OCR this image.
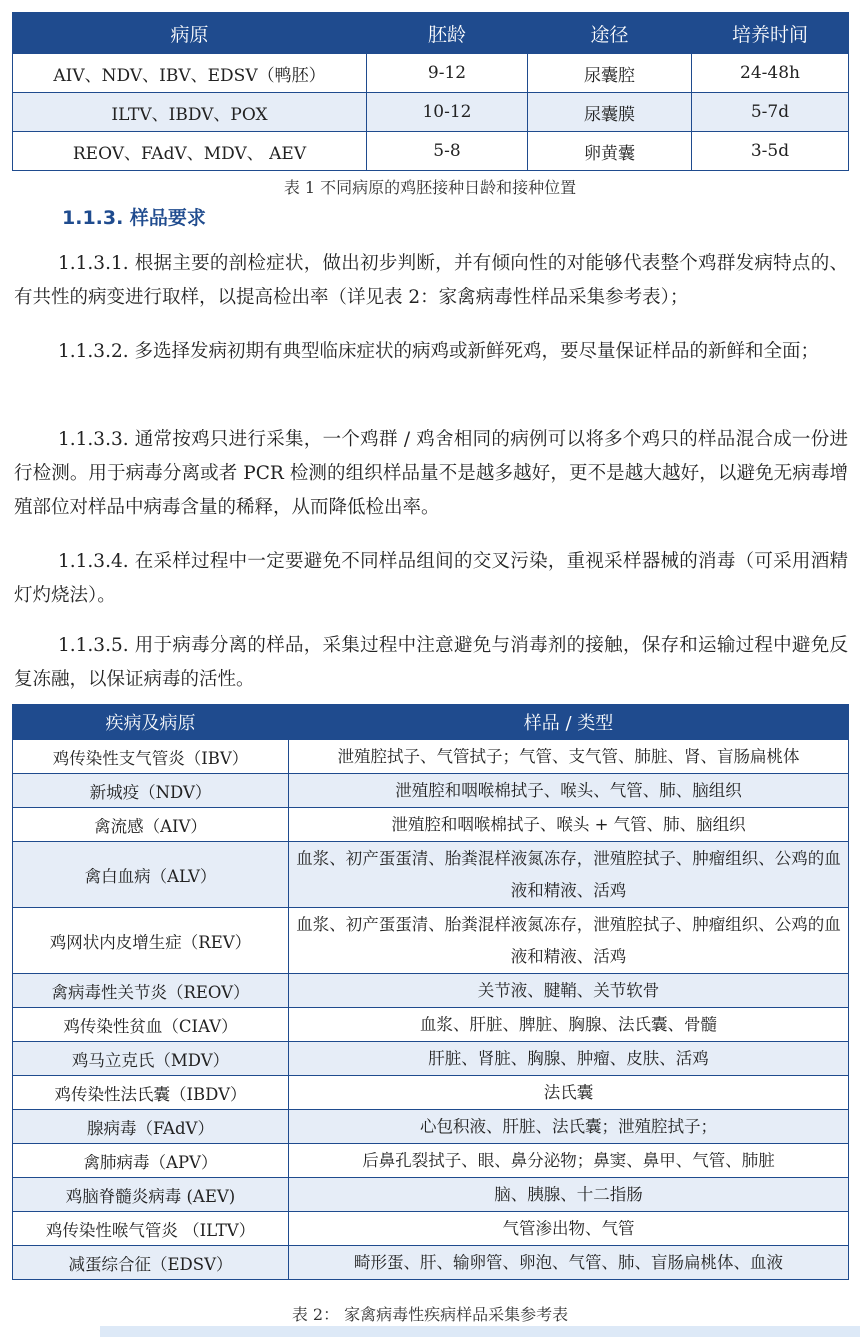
病原	胚龄	途径	培养时间
AIV、NDV、IBV、EDSV（鸭胚）	9-12	尿囊腔	24-48h
ILTV、IBDV、POX	10-12	尿囊膜	5-7d
REOV、FAdV、MDV、 AEV	5-8	卵黄囊	3-5d
表 1 不同病原的鸡胚接种日龄和接种位置
1.1.3. 样品要求

1.1.3.1. 根据主要的剖检症状，做出初步判断，并有倾向性的对能够代表整个鸡群发病特点的、有共性的病变进行取样，以提高检出率（详见表 2：家禽病毒性样品采集参考表）；

1.1.3.2. 多选择发病初期有典型临床症状的病鸡或新鲜死鸡，要尽量保证样品的新鲜和全面；

1.1.3.3. 通常按鸡只进行采集，一个鸡群 / 鸡舍相同的病例可以将多个鸡只的样品混合成一份进行检测。用于病毒分离或者 PCR 检测的组织样品量不是越多越好，更不是越大越好，以避免无病毒增殖部位对样品中病毒含量的稀释，从而降低检出率。

1.1.3.4. 在采样过程中一定要避免不同样品组间的交叉污染，重视采样器械的消毒（可采用酒精灯灼烧法）。

1.1.3.5. 用于病毒分离的样品，采集过程中注意避免与消毒剂的接触，保存和运输过程中避免反复冻融，以保证病毒的活性。

疾病及病原	样品 / 类型
鸡传染性支气管炎（IBV）	泄殖腔拭子、气管拭子；气管、支气管、肺脏、肾、盲肠扁桃体
新城疫（NDV）	泄殖腔和咽喉棉拭子、喉头、气管、肺、脑组织
禽流感（AIV）	泄殖腔和咽喉棉拭子、喉头 + 气管、肺、脑组织
禽白血病（ALV）	血浆、初产蛋蛋清、胎粪混样液氮冻存，泄殖腔拭子、肿瘤组织、公鸡的血液和精液、活鸡
鸡网状内皮增生症（REV）	血浆、初产蛋蛋清、胎粪混样液氮冻存，泄殖腔拭子、肿瘤组织、公鸡的血液和精液、活鸡
禽病毒性关节炎（REOV）	关节液、腱鞘、关节软骨
鸡传染性贫血（CIAV）	血浆、肝脏、脾脏、胸腺、法氏囊、骨髓
鸡马立克氏（MDV）	肝脏、肾脏、胸腺、肿瘤、皮肤、活鸡
鸡传染性法氏囊（IBDV）	法氏囊
腺病毒（FAdV）	心包积液、肝脏、法氏囊；泄殖腔拭子；
禽肺病毒（APV）	后鼻孔裂拭子、眼、鼻分泌物；鼻窦、鼻甲、气管、肺脏
鸡脑脊髓炎病毒 (AEV)	脑、胰腺、十二指肠
鸡传染性喉气管炎 （ILTV）	气管渗出物、气管
减蛋综合征（EDSV）	畸形蛋、肝、输卵管、卵泡、气管、肺、盲肠扁桃体、血液
表 2： 家禽病毒性疾病样品采集参考表
